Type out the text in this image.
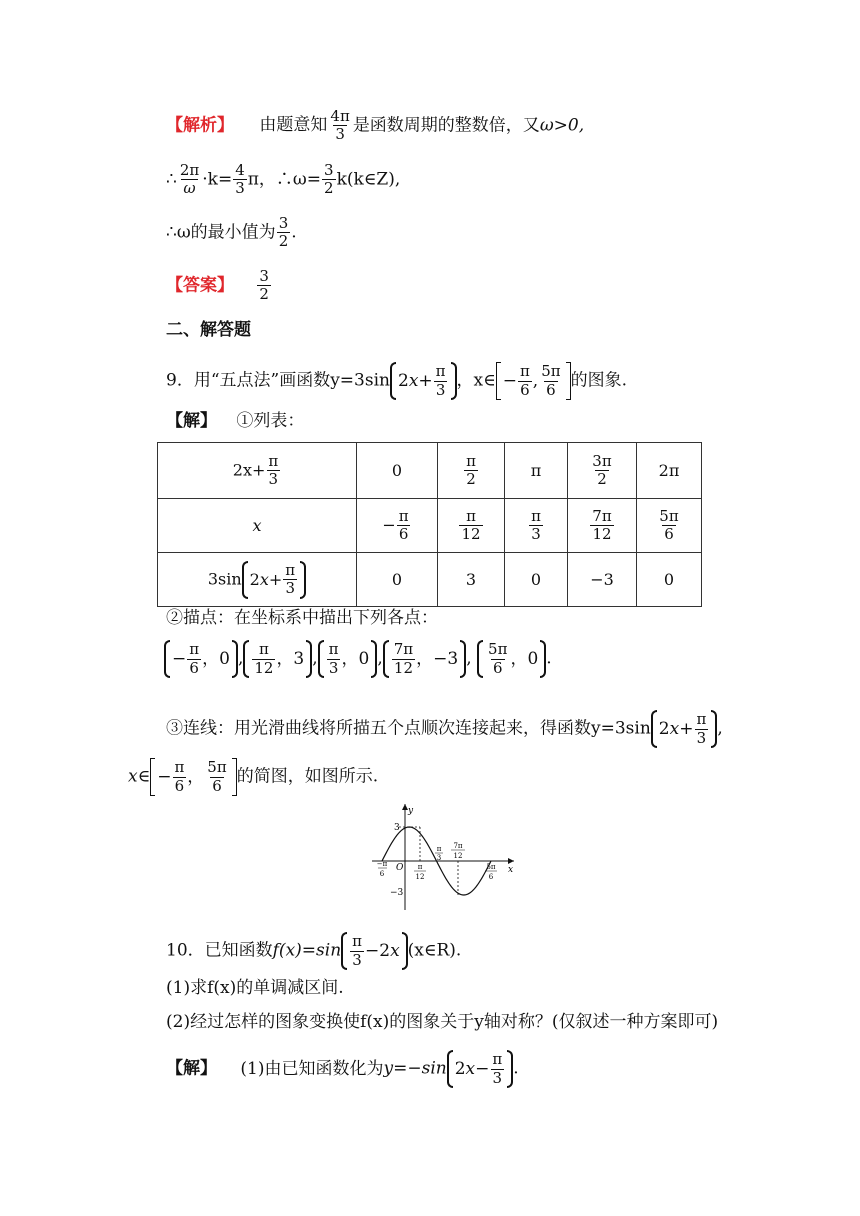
【解析】 由题意知 $\frac{4\pi}{3}$ 是函数周期的整数倍，又ω>0,
∴ $\frac{2\pi}{\omega} \cdot k= \frac{4}{3}$ π，∴ω= $\frac{3}{2}$ k(k∈Z),
∴ω的最小值为 $\frac{3}{2}$ .
【答案】 $\frac{3}{2}$
二、解答题
9．用“五点法”画函数y=3sin $2x+ \frac{\pi}{3}$ ，x∈ − $\frac{\pi}{6}$ , $\frac{5\pi}{6}$ 的图象.
【解】 ①列表：
$2x+ \frac{\pi}{3}$	0	$\frac{\pi}{2}$	π	$\frac{3\pi}{2}$	2π
x	− $\frac{\pi}{6}$	$\frac{\pi}{12}$	$\frac{\pi}{3}$	$\frac{7\pi}{12}$	$\frac{5\pi}{6}$

3sin $2x+ \frac{\pi}{3}$	0	3	0	−3	0
②描点：在坐标系中描出下列各点：
− $\frac{\pi}{6}$ ，0 , $\frac{\pi}{12}$ ，3 , $\frac{\pi}{3}$ ，0 , $\frac{7\pi}{12}$ ，−3 , $\frac{5\pi}{6}$ ，0 .
③连线：用光滑曲线将所描五个点顺次连接起来，得函数y=3sin $2x+ \frac{\pi}{3}$ ,
x∈ − $\frac{\pi}{6}$ ， $\frac{5\pi}{6}$ 的简图，如图所示.
y
x
3
−3
O
−π
6
π
12
π
3
7π
12
5π
6
10．已知函数$f(x)=\sin \frac{\pi}{3} -2x$ (x∈R).
(1)求f(x)的单调减区间.
(2)经过怎样的图象变换使f(x)的图象关于y轴对称？(仅叙述一种方案即可)
【解】 (1)由已知函数化为y=−sin $2x- \frac{\pi}{3}$ .
